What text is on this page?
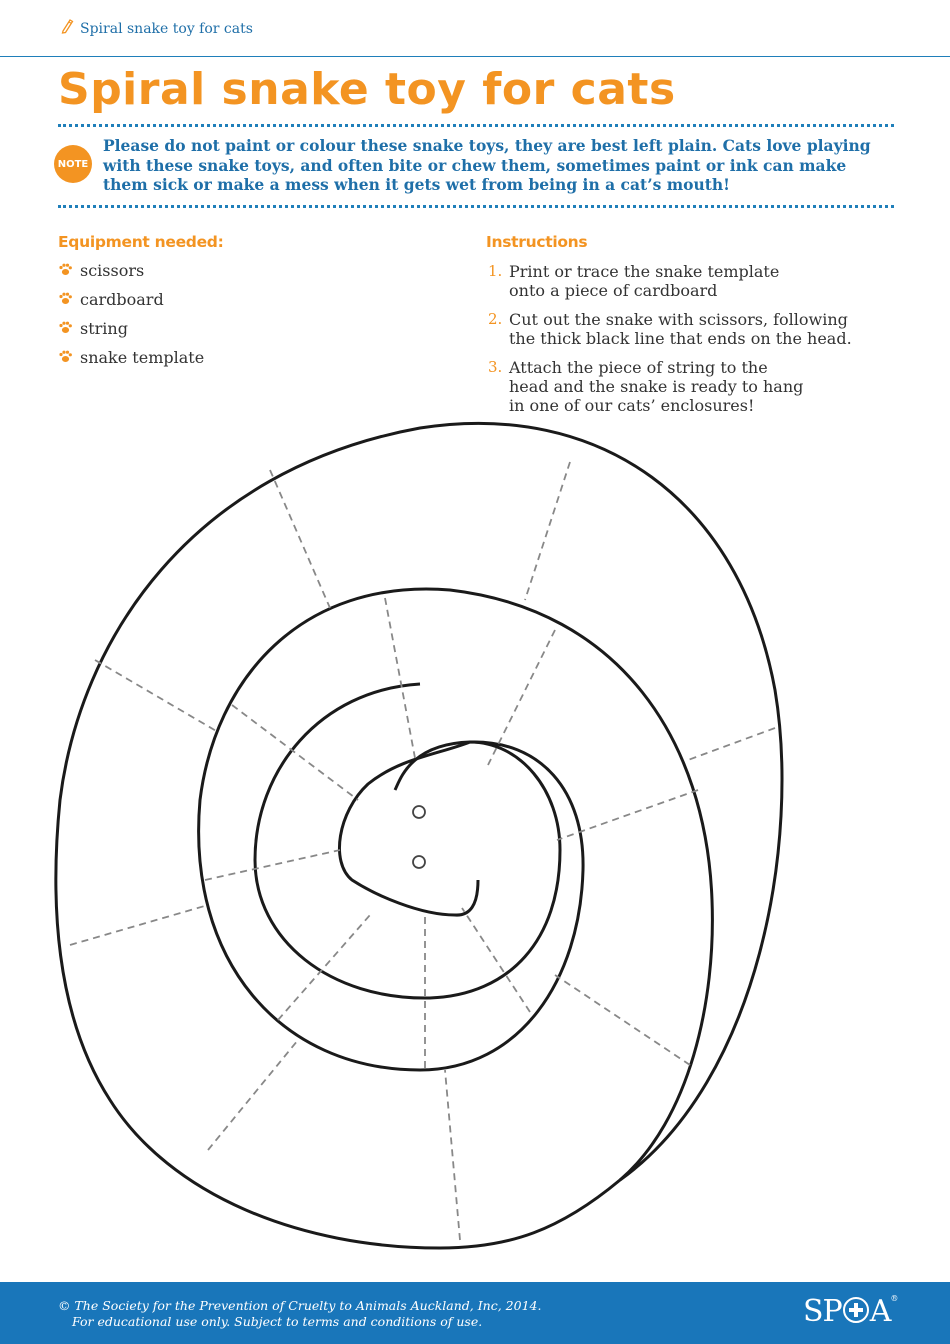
Spiral snake toy for cats
Spiral snake toy for cats
NOTE
Please do not paint or colour these snake toys, they are best left plain. Cats love playing with these snake toys, and often bite or chew them, sometimes paint or ink can make them sick or make a mess when it gets wet from being in a cat’s mouth!
Equipment needed:
scissors
cardboard
string
snake template
Instructions
1. Print or trace the snake template
onto a piece of cardboard
2. Cut out the snake with scissors, following
the thick black line that ends on the head.
3. Attach the piece of string to the
head and the snake is ready to hang
in one of our cats’ enclosures!
© The Society for the Prevention of Cruelty to Animals Auckland, Inc, 2014.
For educational use only. Subject to terms and conditions of use.	SP A®
